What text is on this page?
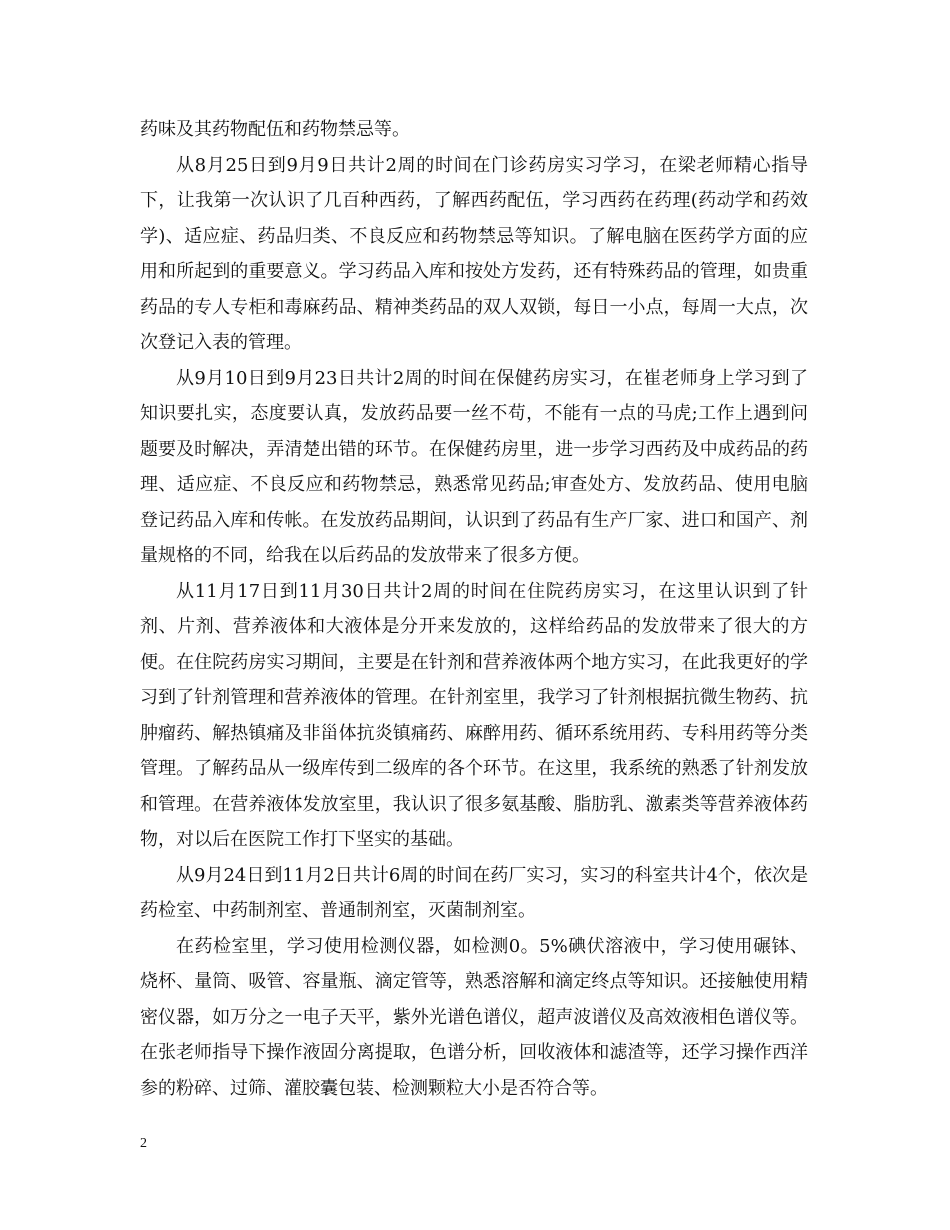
药味及其药物配伍和药物禁忌等。

从8月25日到9月9日共计2周的时间在门诊药房实习学习，在梁老师精心指导下，让我第一次认识了几百种西药，了解西药配伍，学习西药在药理(药动学和药效学)、适应症、药品归类、不良反应和药物禁忌等知识。了解电脑在医药学方面的应用和所起到的重要意义。学习药品入库和按处方发药，还有特殊药品的管理，如贵重药品的专人专柜和毒麻药品、精神类药品的双人双锁，每日一小点，每周一大点，次次登记入表的管理。

从9月10日到9月23日共计2周的时间在保健药房实习，在崔老师身上学习到了知识要扎实，态度要认真，发放药品要一丝不苟，不能有一点的马虎;工作上遇到问题要及时解决，弄清楚出错的环节。在保健药房里，进一步学习西药及中成药品的药理、适应症、不良反应和药物禁忌，熟悉常见药品;审查处方、发放药品、使用电脑登记药品入库和传帐。在发放药品期间，认识到了药品有生产厂家、进口和国产、剂量规格的不同，给我在以后药品的发放带来了很多方便。

从11月17日到11月30日共计2周的时间在住院药房实习，在这里认识到了针剂、片剂、营养液体和大液体是分开来发放的，这样给药品的发放带来了很大的方便。在住院药房实习期间，主要是在针剂和营养液体两个地方实习，在此我更好的学习到了针剂管理和营养液体的管理。在针剂室里，我学习了针剂根据抗微生物药、抗肿瘤药、解热镇痛及非甾体抗炎镇痛药、麻醉用药、循环系统用药、专科用药等分类管理。了解药品从一级库传到二级库的各个环节。在这里，我系统的熟悉了针剂发放和管理。在营养液体发放室里，我认识了很多氨基酸、脂肪乳、激素类等营养液体药物，对以后在医院工作打下坚实的基础。

从9月24日到11月2日共计6周的时间在药厂实习，实习的科室共计4个，依次是药检室、中药制剂室、普通制剂室，灭菌制剂室。

在药检室里，学习使用检测仪器，如检测0。5%碘伏溶液中，学习使用碾钵、烧杯、量筒、吸管、容量瓶、滴定管等，熟悉溶解和滴定终点等知识。还接触使用精密仪器，如万分之一电子天平，紫外光谱色谱仪，超声波谱仪及高效液相色谱仪等。在张老师指导下操作液固分离提取，色谱分析，回收液体和滤渣等，还学习操作西洋参的粉碎、过筛、灌胶囊包装、检测颗粒大小是否符合等。

2
